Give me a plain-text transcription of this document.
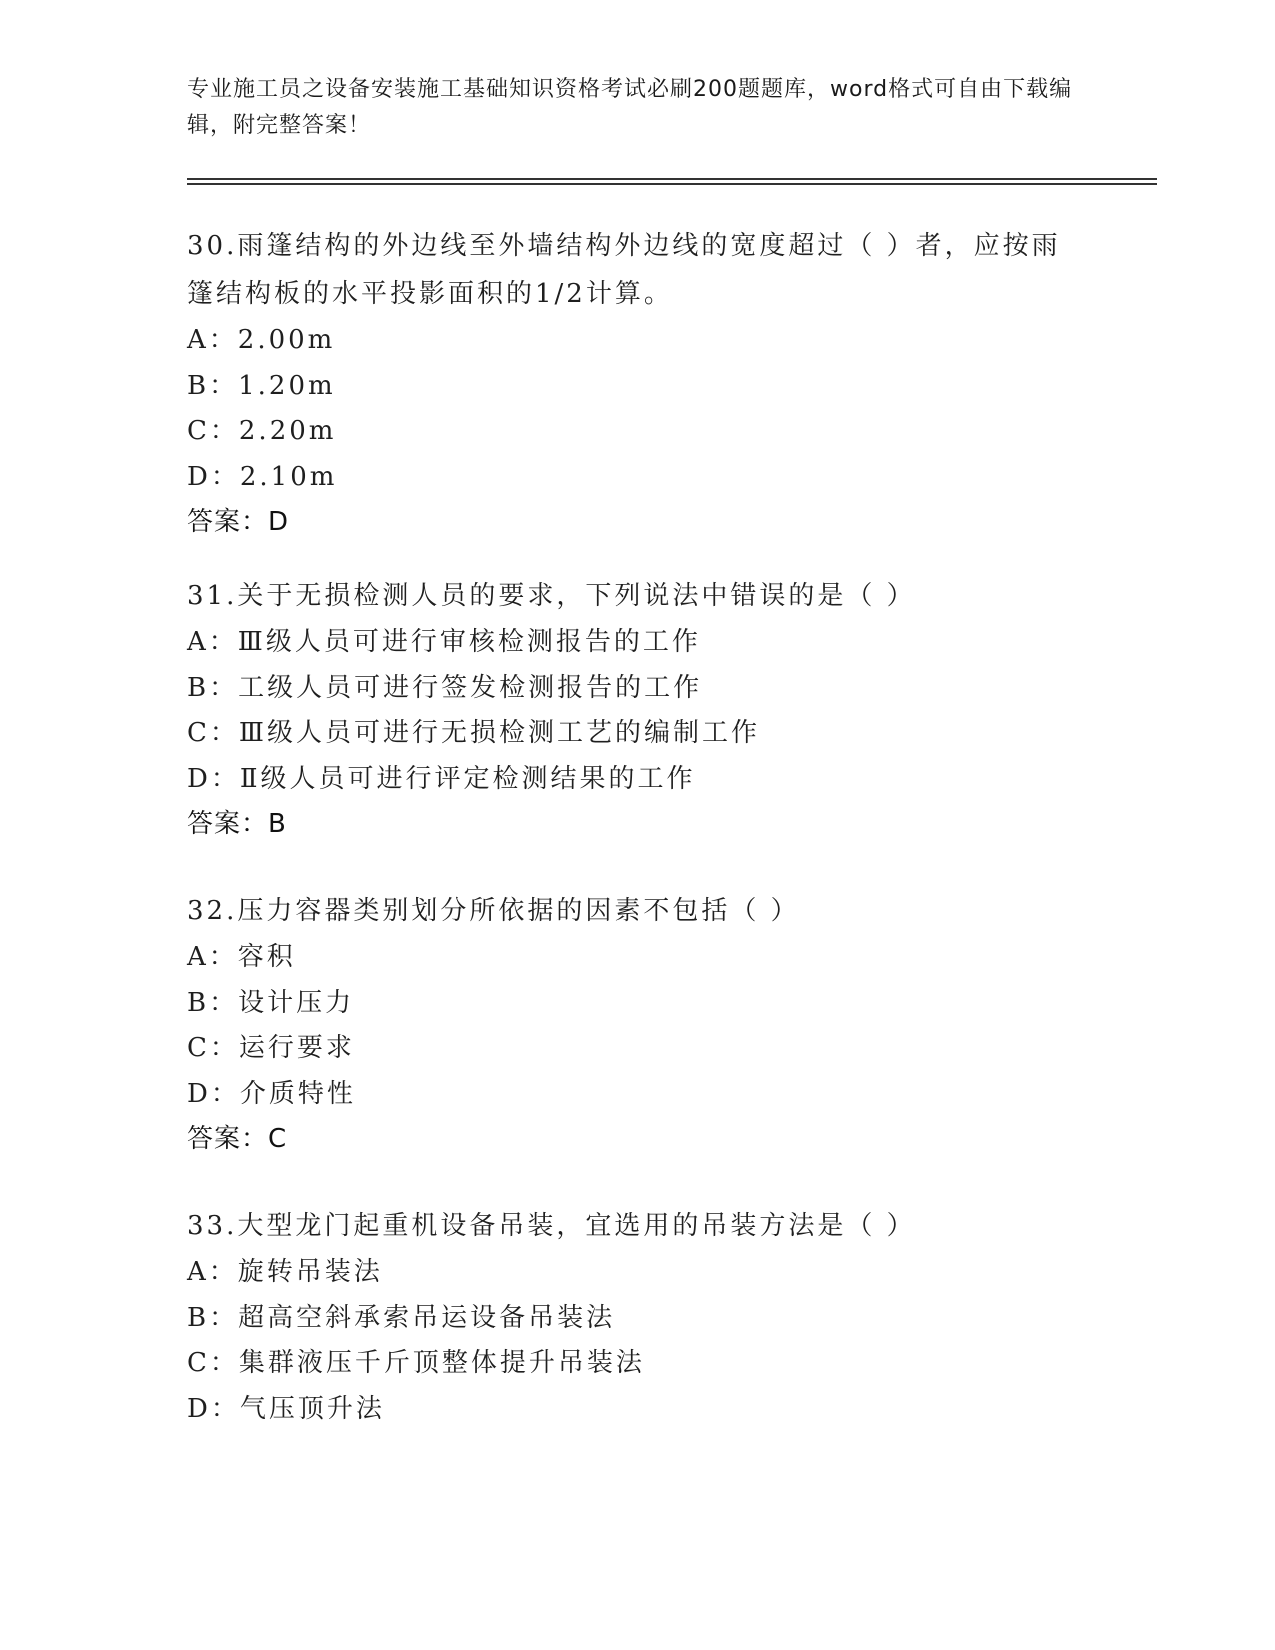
专业施工员之设备安装施工基础知识资格考试必刷200题题库，word格式可自由下载编辑，附完整答案！
30.雨篷结构的外边线至外墙结构外边线的宽度超过（ ）者，应按雨篷结构板的水平投影面积的1/2计算。
A：2.00m
B：1.20m
C：2.20m
D：2.10m
答案：D
31.关于无损检测人员的要求，下列说法中错误的是（ ）
A：Ⅲ级人员可进行审核检测报告的工作
B：工级人员可进行签发检测报告的工作
C：Ⅲ级人员可进行无损检测工艺的编制工作
D：Ⅱ级人员可进行评定检测结果的工作
答案：B
32.压力容器类别划分所依据的因素不包括（ ）
A：容积
B：设计压力
C：运行要求
D：介质特性
答案：C
33.大型龙门起重机设备吊装，宜选用的吊装方法是（ ）
A：旋转吊装法
B：超高空斜承索吊运设备吊装法
C：集群液压千斤顶整体提升吊装法
D：气压顶升法
